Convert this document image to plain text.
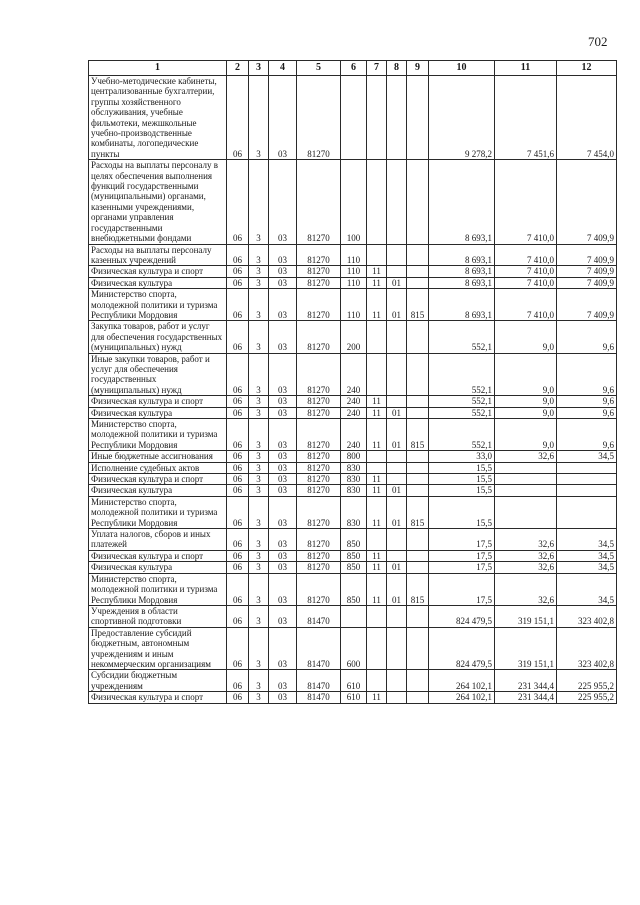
702
1	2	3	4	5	6	7	8	9	10	11	12
Учебно-методические кабинеты, централизованные бухгалтерии, группы хозяйственного обслуживания, учебные фильмотеки, межшкольные учебно-производственные комбинаты, логопедические пункты	06	3	03	81270					9 278,2	7 451,6	7 454,0
Расходы на выплаты персоналу в целях обеспечения выполнения функций государственными (муниципальными) органами, казенными учреждениями, органами управления государственными внебюджетными фондами	06	3	03	81270	100				8 693,1	7 410,0	7 409,9
Расходы на выплаты персоналу казенных учреждений	06	3	03	81270	110				8 693,1	7 410,0	7 409,9
Физическая культура и спорт	06	3	03	81270	110	11			8 693,1	7 410,0	7 409,9
Физическая культура	06	3	03	81270	110	11	01		8 693,1	7 410,0	7 409,9
Министерство спорта, молодежной политики и туризма Республики Мордовия	06	3	03	81270	110	11	01	815	8 693,1	7 410,0	7 409,9
Закупка товаров, работ и услуг для обеспечения государственных (муниципальных) нужд	06	3	03	81270	200				552,1	9,0	9,6
Иные закупки товаров, работ и услуг для обеспечения государственных (муниципальных) нужд	06	3	03	81270	240				552,1	9,0	9,6
Физическая культура и спорт	06	3	03	81270	240	11			552,1	9,0	9,6
Физическая культура	06	3	03	81270	240	11	01		552,1	9,0	9,6
Министерство спорта, молодежной политики и туризма Республики Мордовия	06	3	03	81270	240	11	01	815	552,1	9,0	9,6
Иные бюджетные ассигнования	06	3	03	81270	800				33,0	32,6	34,5
Исполнение судебных актов	06	3	03	81270	830				15,5		
Физическая культура и спорт	06	3	03	81270	830	11			15,5		
Физическая культура	06	3	03	81270	830	11	01		15,5		
Министерство спорта, молодежной политики и туризма Республики Мордовия	06	3	03	81270	830	11	01	815	15,5		
Уплата налогов, сборов и иных платежей	06	3	03	81270	850				17,5	32,6	34,5
Физическая культура и спорт	06	3	03	81270	850	11			17,5	32,6	34,5
Физическая культура	06	3	03	81270	850	11	01		17,5	32,6	34,5
Министерство спорта, молодежной политики и туризма Республики Мордовия	06	3	03	81270	850	11	01	815	17,5	32,6	34,5
Учреждения в области спортивной подготовки	06	3	03	81470					824 479,5	319 151,1	323 402,8
Предоставление субсидий бюджетным, автономным учреждениям и иным некоммерческим организациям	06	3	03	81470	600				824 479,5	319 151,1	323 402,8
Субсидии бюджетным учреждениям	06	3	03	81470	610				264 102,1	231 344,4	225 955,2
Физическая культура и спорт	06	3	03	81470	610	11			264 102,1	231 344,4	225 955,2
